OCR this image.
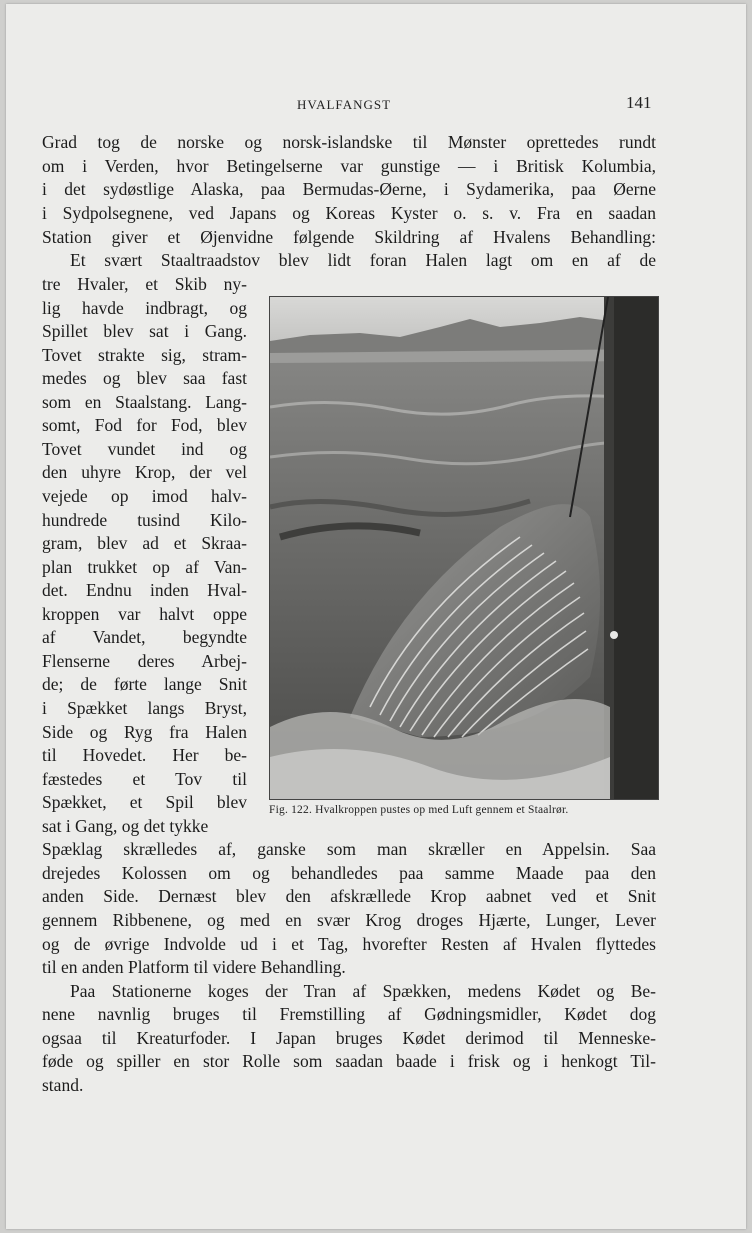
HVALFANGST	141
Grad tog de norske og norsk-islandske til Mønster oprettedes rundt
om i Verden, hvor Betingelserne var gunstige — i Britisk Kolumbia,
i det sydøstlige Alaska, paa Bermudas-Øerne, i Sydamerika, paa Øerne
i Sydpolsegnene, ved Japans og Koreas Kyster o. s. v. Fra en saadan
Station giver et Øjenvidne følgende Skildring af Hvalens Behandling:
Et svært Staaltraadstov blev lidt foran Halen lagt om en af de
tre Hvaler, et Skib ny-
lig havde indbragt, og
Spillet blev sat i Gang.
Tovet strakte sig, stram-
medes og blev saa fast
som en Staalstang. Lang-
somt, Fod for Fod, blev
Tovet vundet ind og
den uhyre Krop, der vel
vejede op imod halv-
hundrede tusind Kilo-
gram, blev ad et Skraa-
plan trukket op af Van-
det. Endnu inden Hval-
kroppen var halvt oppe
af Vandet, begyndte
Flenserne deres Arbej-
de; de førte lange Snit
i Spækket langs Bryst,
Side og Ryg fra Halen
til Hovedet. Her be-
fæstedes et Tov til
Spækket, et Spil blev
sat i Gang, og det tykke
Spæklag skrælledes af, ganske som man skræller en Appelsin. Saa
drejedes Kolossen om og behandledes paa samme Maade paa den
anden Side. Dernæst blev den afskrællede Krop aabnet ved et Snit
gennem Ribbenene, og med en svær Krog droges Hjærte, Lunger, Lever
og de øvrige Indvolde ud i et Tag, hvorefter Resten af Hvalen flyttedes
til en anden Platform til videre Behandling.
Paa Stationerne koges der Tran af Spækken, medens Kødet og Be-
nene navnlig bruges til Fremstilling af Gødningsmidler, Kødet dog
ogsaa til Kreaturfoder. I Japan bruges Kødet derimod til Menneske-
føde og spiller en stor Rolle som saadan baade i frisk og i henkogt Til-
stand.
Fig. 122. Hvalkroppen pustes op med Luft gennem et Staalrør.
